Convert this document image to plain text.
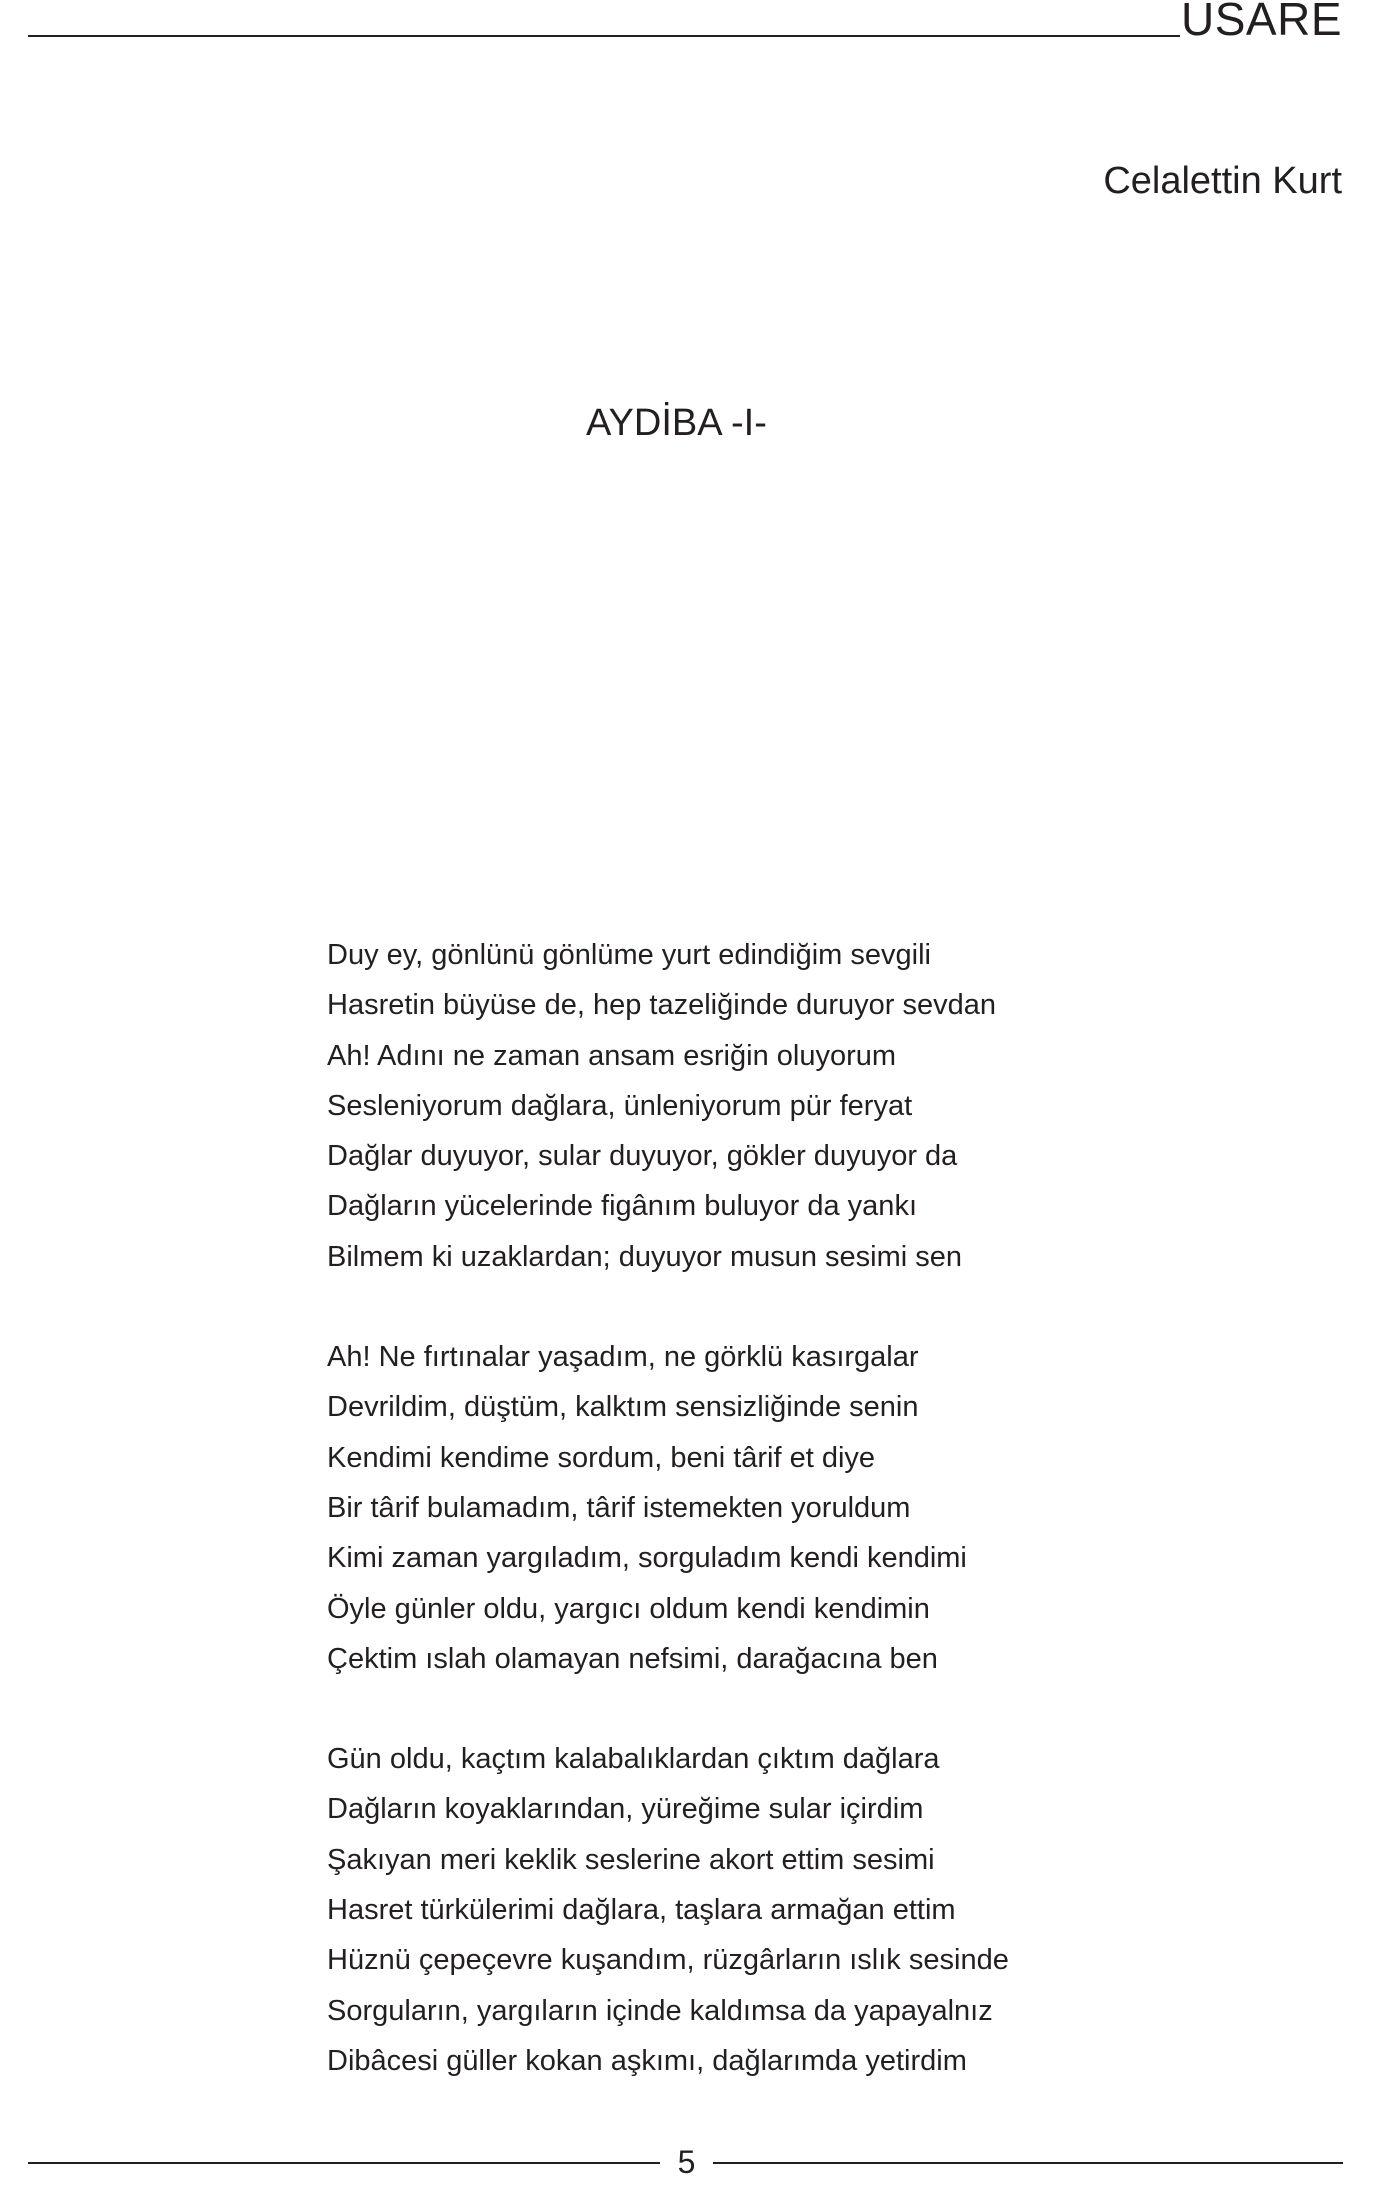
USARE
Celalettin Kurt
AYDİBA -I-
Duy ey, gönlünü gönlüme yurt edindiğim sevgili
Hasretin büyüse de, hep tazeliğinde duruyor sevdan
Ah! Adını ne zaman ansam esriğin oluyorum
Sesleniyorum dağlara, ünleniyorum pür feryat
Dağlar duyuyor, sular duyuyor, gökler duyuyor da
Dağların yücelerinde figânım buluyor da yankı
Bilmem ki uzaklardan; duyuyor musun sesimi sen
Ah! Ne fırtınalar yaşadım, ne görklü kasırgalar
Devrildim, düştüm, kalktım sensizliğinde senin
Kendimi kendime sordum, beni târif et diye
Bir târif bulamadım, târif istemekten yoruldum
Kimi zaman yargıladım, sorguladım kendi kendimi
Öyle günler oldu, yargıcı oldum kendi kendimin
Çektim ıslah olamayan nefsimi, darağacına ben
Gün oldu, kaçtım kalabalıklardan çıktım dağlara
Dağların koyaklarından, yüreğime sular içirdim
Şakıyan meri keklik seslerine akort ettim sesimi
Hasret türkülerimi dağlara, taşlara armağan ettim
Hüznü çepeçevre kuşandım, rüzgârların ıslık sesinde
Sorguların, yargıların içinde kaldımsa da yapayalnız
Dibâcesi güller kokan aşkımı, dağlarımda yetirdim
5
